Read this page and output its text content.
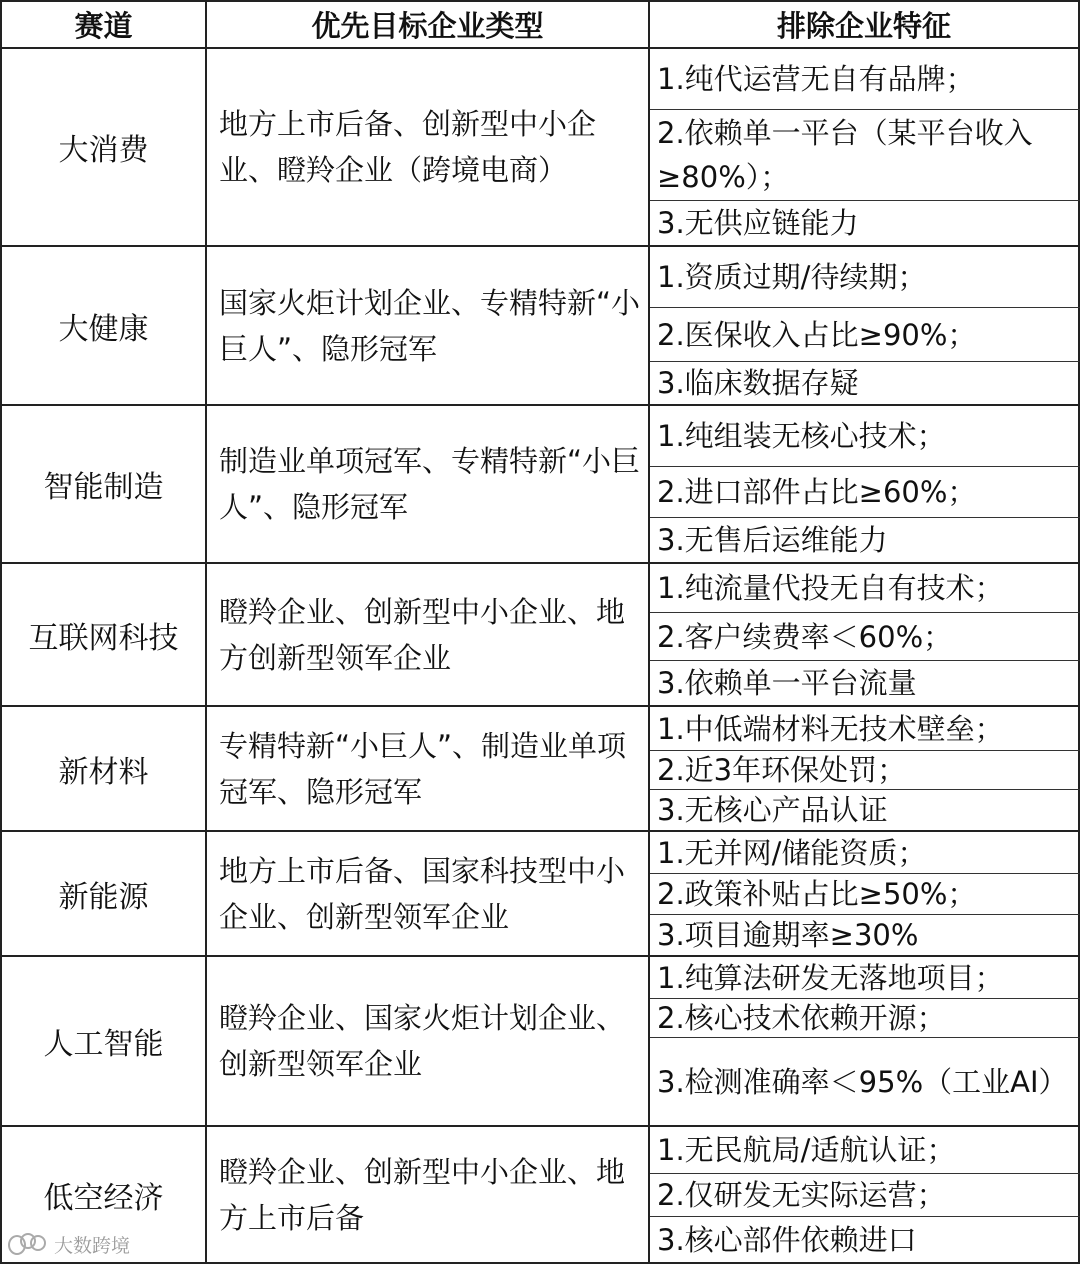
赛道	优先目标企业类型	排除企业特征
大消费
地方上市后备、创新型中小企业、瞪羚企业（跨境电商）
1.纯代运营无自有品牌；
2.依赖单一平台（某平台收入≥80%）；
3.无供应链能力
大健康
国家火炬计划企业、专精特新“小巨人”、隐形冠军
1.资质过期/待续期；
2.医保收入占比≥90%；
3.临床数据存疑
智能制造
制造业单项冠军、专精特新“小巨人”、隐形冠军
1.纯组装无核心技术；
2.进口部件占比≥60%；
3.无售后运维能力
互联网科技
瞪羚企业、创新型中小企业、地方创新型领军企业
1.纯流量代投无自有技术；
2.客户续费率＜60%；
3.依赖单一平台流量
新材料
专精特新“小巨人”、制造业单项冠军、隐形冠军
1.中低端材料无技术壁垒；
2.近3年环保处罚；
3.无核心产品认证
新能源
地方上市后备、国家科技型中小企业、创新型领军企业
1.无并网/储能资质；
2.政策补贴占比≥50%；
3.项目逾期率≥30%
人工智能
瞪羚企业、国家火炬计划企业、创新型领军企业
1.纯算法研发无落地项目；
2.核心技术依赖开源；
3.检测准确率＜95%（工业AI）
低空经济
瞪羚企业、创新型中小企业、地方上市后备
1.无民航局/适航认证；
2.仅研发无实际运营；
3.核心部件依赖进口
大数跨境
